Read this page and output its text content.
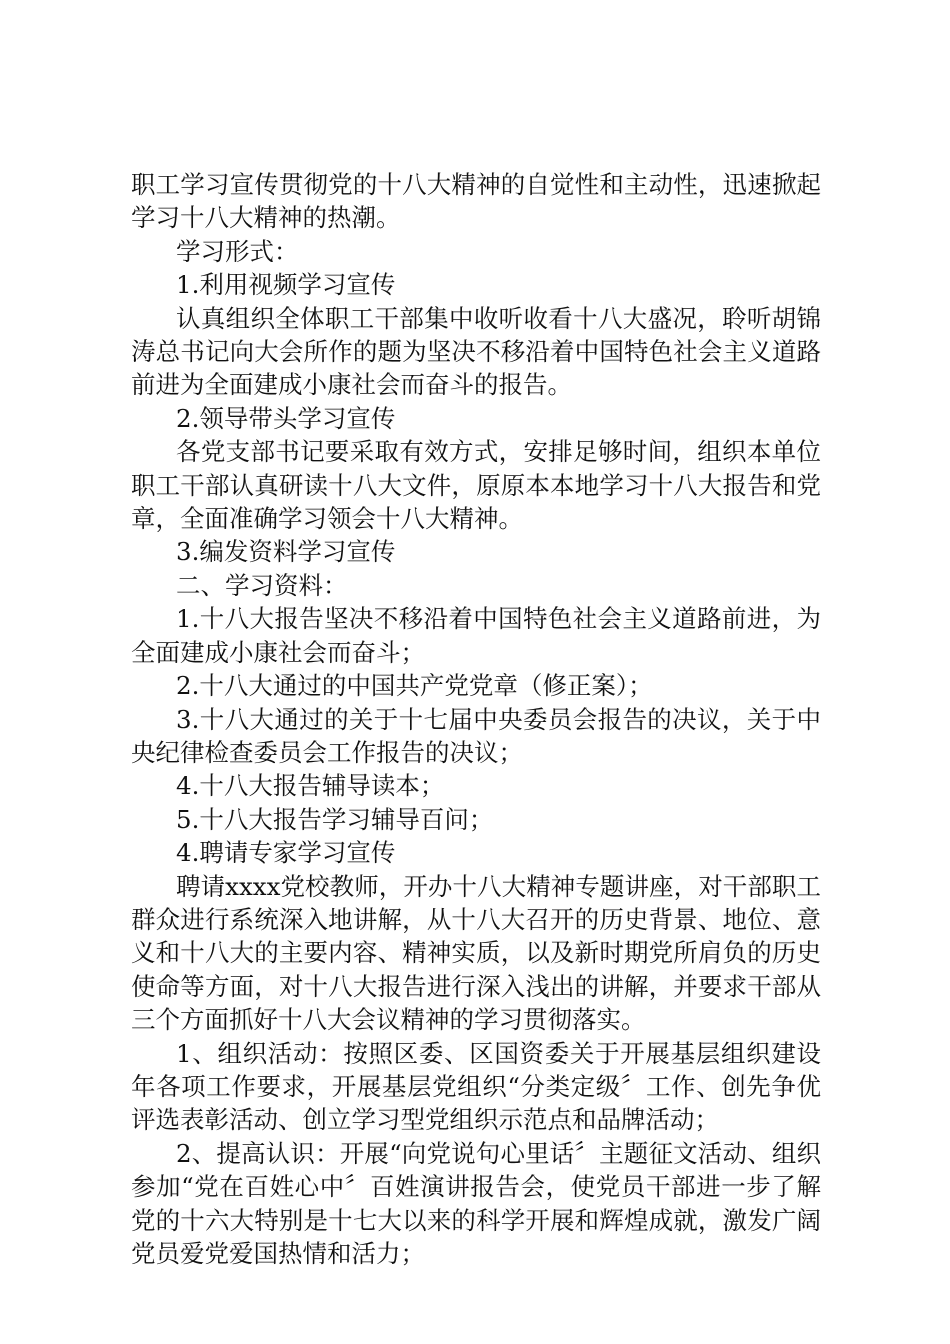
职工学习宣传贯彻党的十八大精神的自觉性和主动性，迅速掀起学习十八大精神的热潮。

学习形式：

1.利用视频学习宣传

认真组织全体职工干部集中收听收看十八大盛况，聆听胡锦涛总书记向大会所作的题为坚决不移沿着中国特色社会主义道路前进为全面建成小康社会而奋斗的报告。

2.领导带头学习宣传

各党支部书记要采取有效方式，安排足够时间，组织本单位职工干部认真研读十八大文件，原原本本地学习十八大报告和党章，全面准确学习领会十八大精神。

3.编发资料学习宣传

二、学习资料：

1.十八大报告坚决不移沿着中国特色社会主义道路前进，为全面建成小康社会而奋斗；

2.十八大通过的中国共产党党章（修正案）；

3.十八大通过的关于十七届中央委员会报告的决议，关于中央纪律检查委员会工作报告的决议；

4.十八大报告辅导读本；

5.十八大报告学习辅导百问；

4.聘请专家学习宣传

聘请xxxx党校教师，开办十八大精神专题讲座，对干部职工群众进行系统深入地讲解，从十八大召开的历史背景、地位、意义和十八大的主要内容、精神实质，以及新时期党所肩负的历史使命等方面，对十八大报告进行深入浅出的讲解，并要求干部从三个方面抓好十八大会议精神的学习贯彻落实。

1、组织活动：按照区委、区国资委关于开展基层组织建设年各项工作要求，开展基层党组织“分类定级〞工作、创先争优评选表彰活动、创立学习型党组织示范点和品牌活动；

2、提高认识：开展“向党说句心里话〞主题征文活动、组织参加“党在百姓心中〞百姓演讲报告会，使党员干部进一步了解党的十六大特别是十七大以来的科学开展和辉煌成就，激发广阔党员爱党爱国热情和活力；
